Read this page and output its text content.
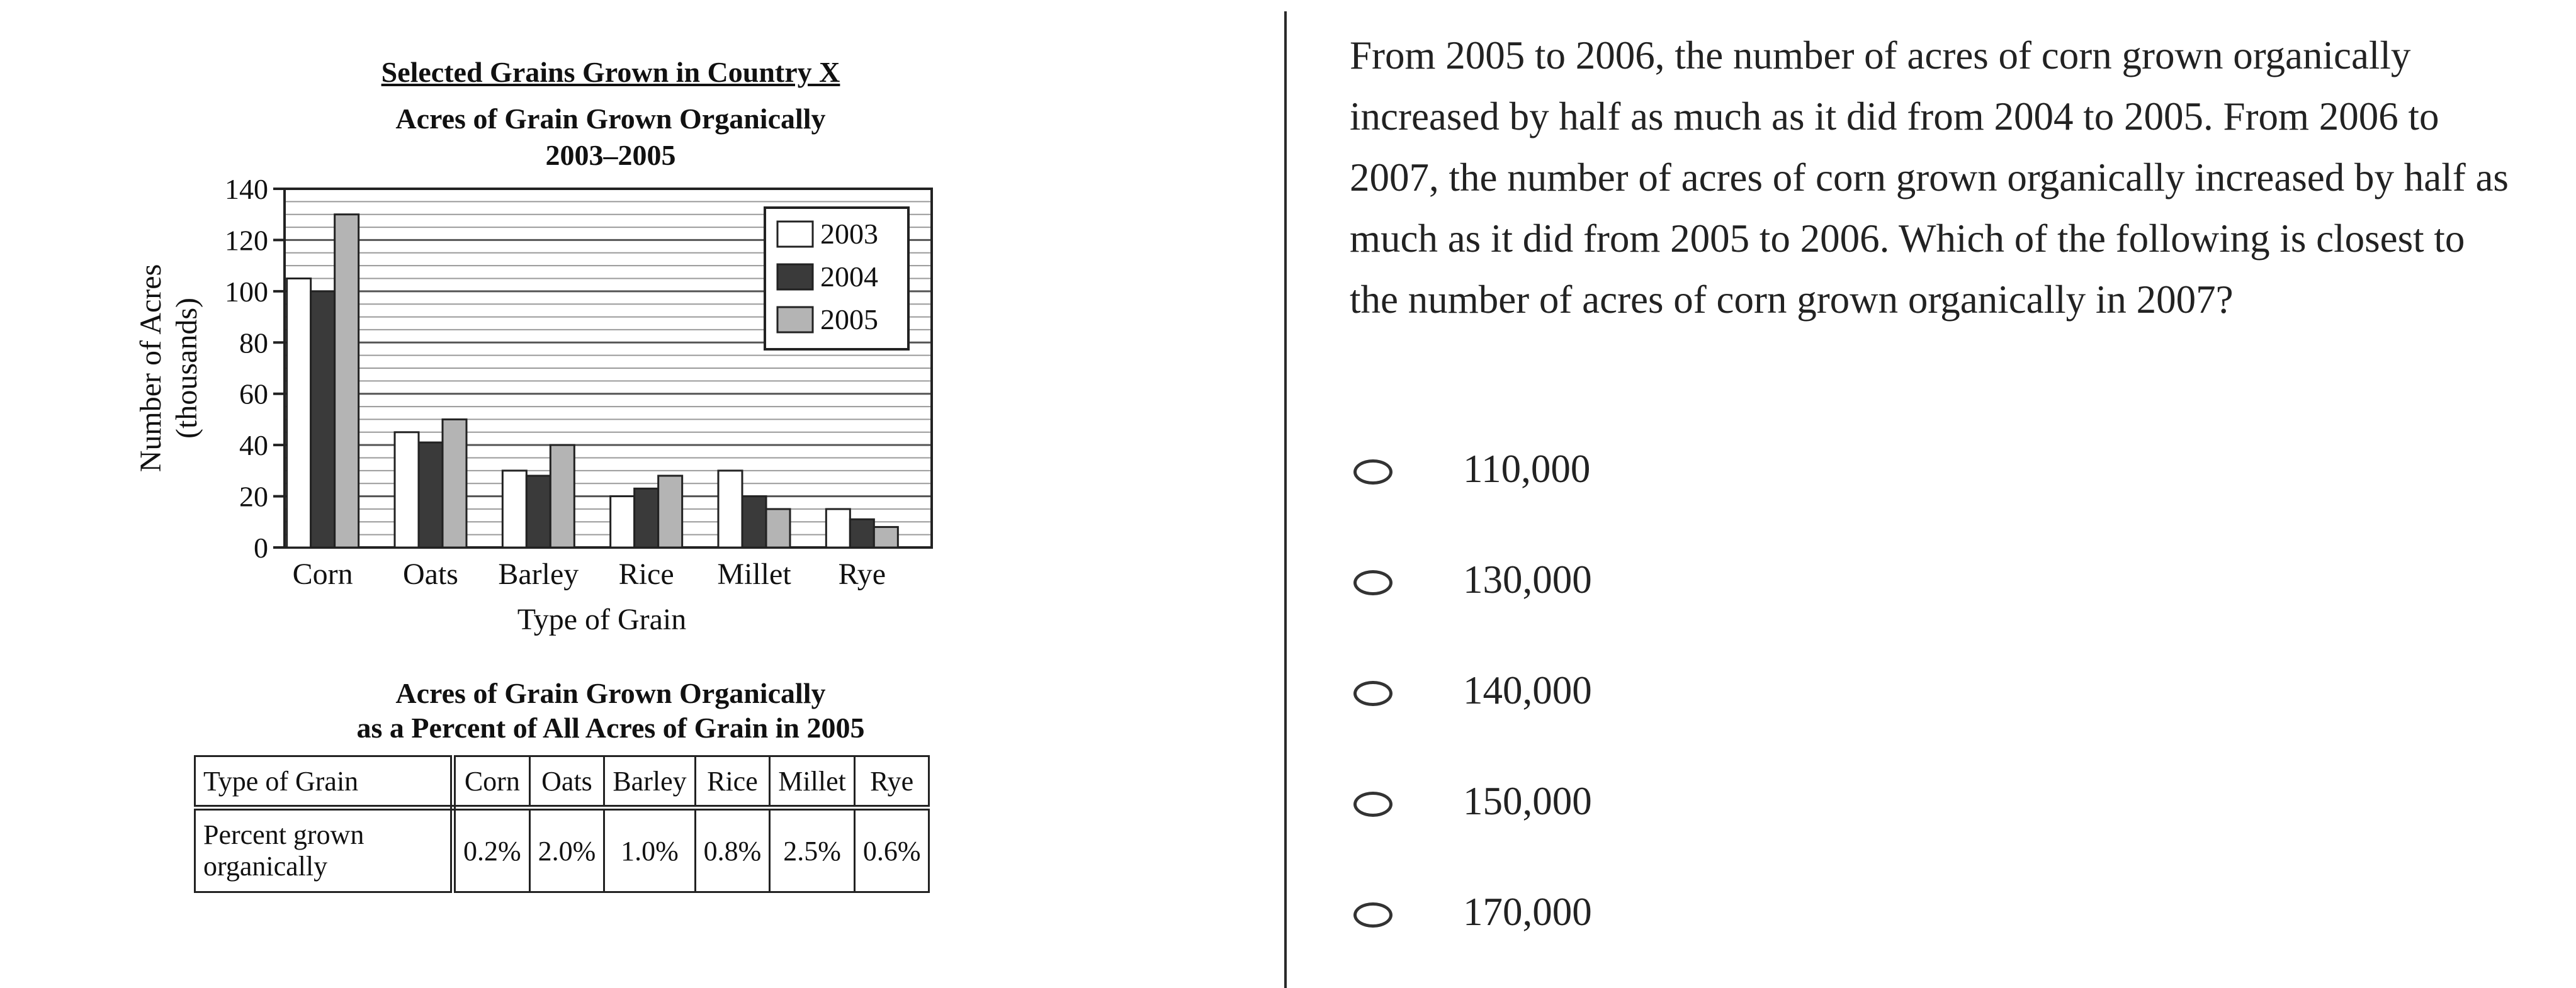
Selected Grains Grown in Country X
Acres of Grain Grown Organically
2003–2005
0
20
40
60
80
100
120
140
Corn Oats Barley Rice Millet Rye
Type of Grain
Number of Acres (thousands)
2003
2004
2005
Acres of Grain Grown Organically
as a Percent of All Acres of Grain in 2005
Type of Grain	Corn	Oats	Barley	Rice	Millet	Rye
Percent grown organically	0.2%	2.0%	1.0%	0.8%	2.5%	0.6%
From 2005 to 2006, the number of acres of corn grown organically increased by half as much as it did from 2004 to 2005. From 2006 to 2007, the number of acres of corn grown organically increased by half as much as it did from 2005 to 2006. Which of the following is closest to the number of acres of corn grown organically in 2007?
110,000
130,000
140,000
150,000
170,000
